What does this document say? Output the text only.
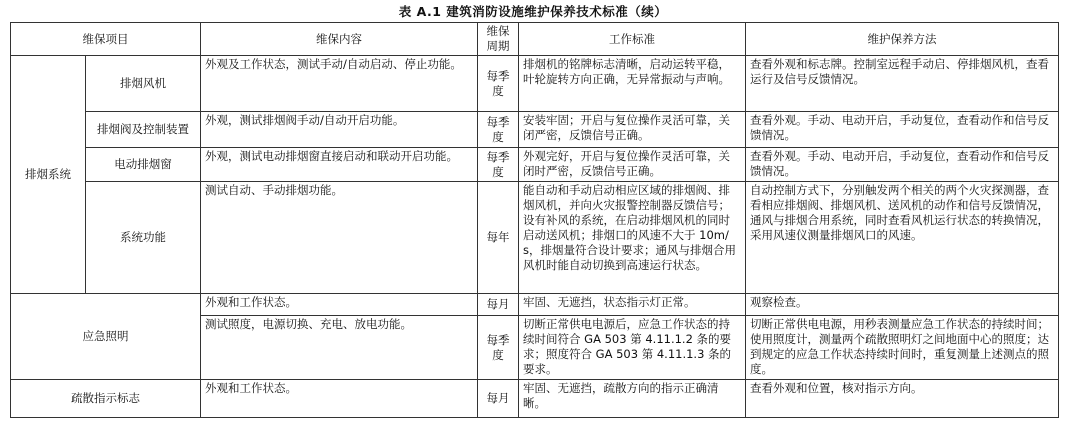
表 A.1 建筑消防设施维护保养技术标准（续）
维保项目		维保内容	维保周期	工作标准	维护保养方法
排烟系统	排烟风机	外观及工作状态，测试手动/自动启动、停止功能。	每季度	排烟机的铭牌标志清晰，启动运转平稳，叶轮旋转方向正确，无异常振动与声响。	查看外观和标志牌。控制室远程手动启、停排烟风机，查看运行及信号反馈情况。
	排烟阀及控制装置	外观，测试排烟阀手动/自动开启功能。	每季度	安装牢固；开启与复位操作灵活可靠，关闭严密，反馈信号正确。	查看外观。手动、电动开启，手动复位，查看动作和信号反馈情况。
	电动排烟窗	外观，测试电动排烟窗直接启动和联动开启功能。	每季度	外观完好，开启与复位操作灵活可靠，关闭时严密，反馈信号正确。	查看外观。手动、电动开启，手动复位，查看动作和信号反馈情况。
	系统功能	测试自动、手动排烟功能。	每年	能自动和手动启动相应区域的排烟阀、排烟风机，并向火灾报警控制器反馈信号；设有补风的系统，在启动排烟风机的同时启动送风机；排烟口的风速不大于 10m/s，排烟量符合设计要求；通风与排烟合用风机时能自动切换到高速运行状态。	自动控制方式下，分别触发两个相关的两个火灾探测器，查看相应排烟阀、排烟风机、送风机的动作和信号反馈情况，通风与排烟合用系统，同时查看风机运行状态的转换情况，采用风速仪测量排烟风口的风速。
应急照明		外观和工作状态。	每月	牢固、无遮挡，状态指示灯正常。	观察检查。
		测试照度，电源切换、充电、放电功能。	每季度	切断正常供电电源后，应急工作状态的持续时间符合 GA 503 第 4.11.1.2 条的要求；照度符合 GA 503 第 4.11.1.3 条的要求。	切断正常供电电源，用秒表测量应急工作状态的持续时间；使用照度计，测量两个疏散照明灯之间地面中心的照度；达到规定的应急工作状态持续时间时，重复测量上述测点的照度。
疏散指示标志		外观和工作状态。	每月	牢固、无遮挡，疏散方向的指示正确清晰。	查看外观和位置，核对指示方向。
